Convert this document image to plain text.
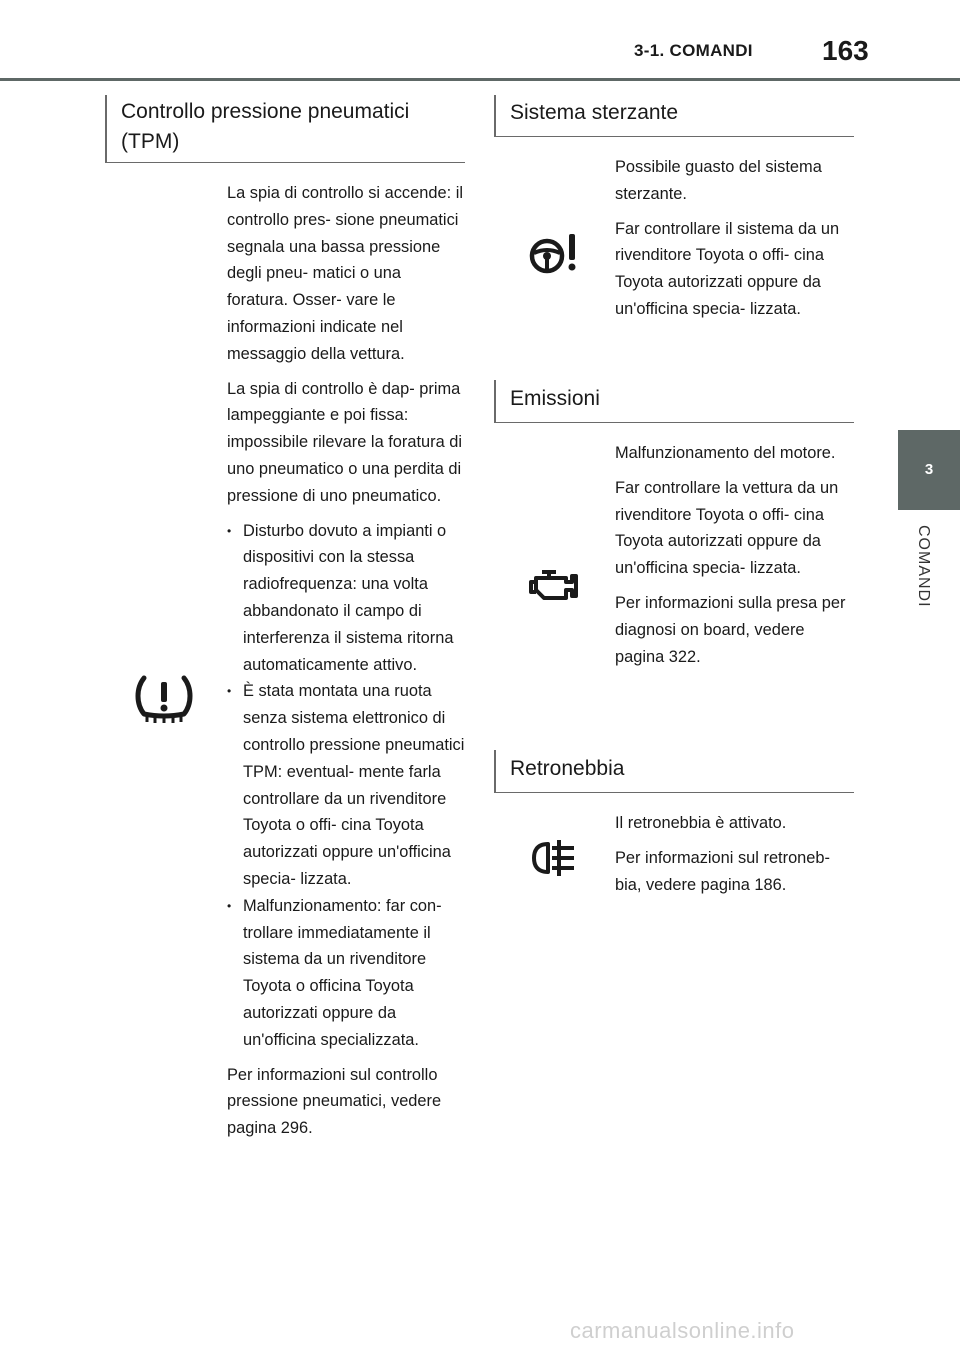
3-1. COMANDI 163
3
COMANDI
Controllo pressione pneumatici
(TPM)

La spia di controllo si accende: il controllo pres- sione pneumatici segnala una bassa pressione degli pneu- matici o una foratura. Osser- vare le informazioni indicate nel messaggio della vettura.

La spia di controllo è dap- prima lampeggiante e poi fissa: impossibile rilevare la foratura di uno pneumatico o una perdita di pressione di uno pneumatico.

• Disturbo dovuto a impianti o dispositivi con la stessa radiofrequenza: una volta abbandonato il campo di interferenza il sistema ritorna automaticamente attivo.
• È stata montata una ruota senza sistema elettronico di controllo pressione pneumatici TPM: eventual- mente farla controllare da un rivenditore Toyota o offi- cina Toyota autorizzati oppure un'officina specia- lizzata.
• Malfunzionamento: far con- trollare immediatamente il sistema da un rivenditore Toyota o officina Toyota autorizzati oppure da un'officina specializzata.

Per informazioni sul controllo pressione pneumatici, vedere pagina 296.

Sistema sterzante

Possibile guasto del sistema sterzante.

Far controllare il sistema da un rivenditore Toyota o offi- cina Toyota autorizzati oppure da un'officina specia- lizzata.

Emissioni

Malfunzionamento del motore.

Far controllare la vettura da un rivenditore Toyota o offi- cina Toyota autorizzati oppure da un'officina specia- lizzata.

Per informazioni sulla presa per diagnosi on board, vedere pagina 322.

Retronebbia

Il retronebbia è attivato.

Per informazioni sul retroneb- bia, vedere pagina 186.

carmanualsonline.info
